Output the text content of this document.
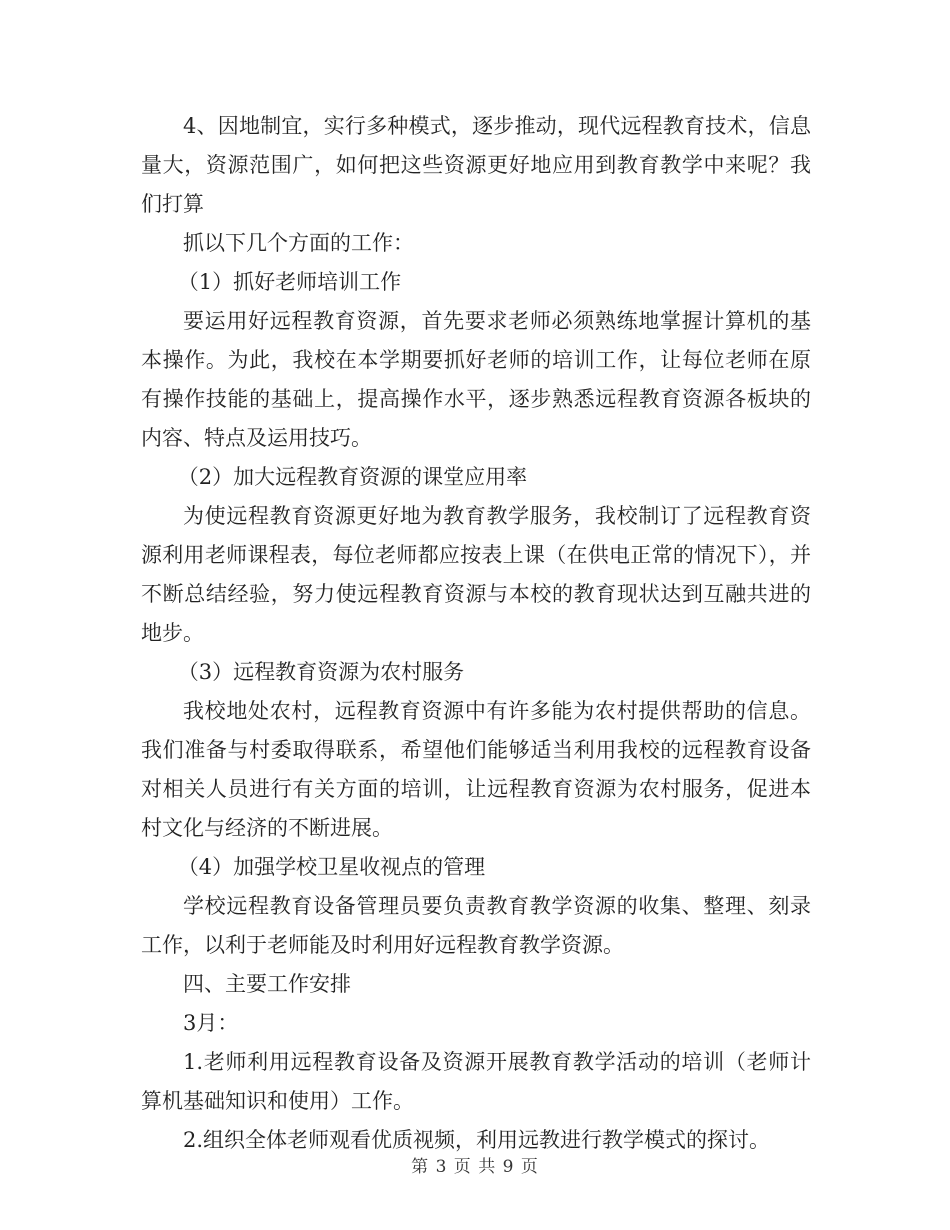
4、因地制宜，实行多种模式，逐步推动，现代远程教育技术，信息量大，资源范围广，如何把这些资源更好地应用到教育教学中来呢？我们打算

抓以下几个方面的工作：

（1）抓好老师培训工作

要运用好远程教育资源，首先要求老师必须熟练地掌握计算机的基本操作。为此，我校在本学期要抓好老师的培训工作，让每位老师在原有操作技能的基础上，提高操作水平，逐步熟悉远程教育资源各板块的内容、特点及运用技巧。

（2）加大远程教育资源的课堂应用率

为使远程教育资源更好地为教育教学服务，我校制订了远程教育资源利用老师课程表，每位老师都应按表上课（在供电正常的情况下），并不断总结经验，努力使远程教育资源与本校的教育现状达到互融共进的地步。

（3）远程教育资源为农村服务

我校地处农村，远程教育资源中有许多能为农村提供帮助的信息。我们准备与村委取得联系，希望他们能够适当利用我校的远程教育设备对相关人员进行有关方面的培训，让远程教育资源为农村服务，促进本村文化与经济的不断进展。

（4）加强学校卫星收视点的管理

学校远程教育设备管理员要负责教育教学资源的收集、整理、刻录工作，以利于老师能及时利用好远程教育教学资源。

四、主要工作安排

3月：

1.老师利用远程教育设备及资源开展教育教学活动的培训（老师计算机基础知识和使用）工作。

2.组织全体老师观看优质视频，利用远教进行教学模式的探讨。

第 3 页 共 9 页
